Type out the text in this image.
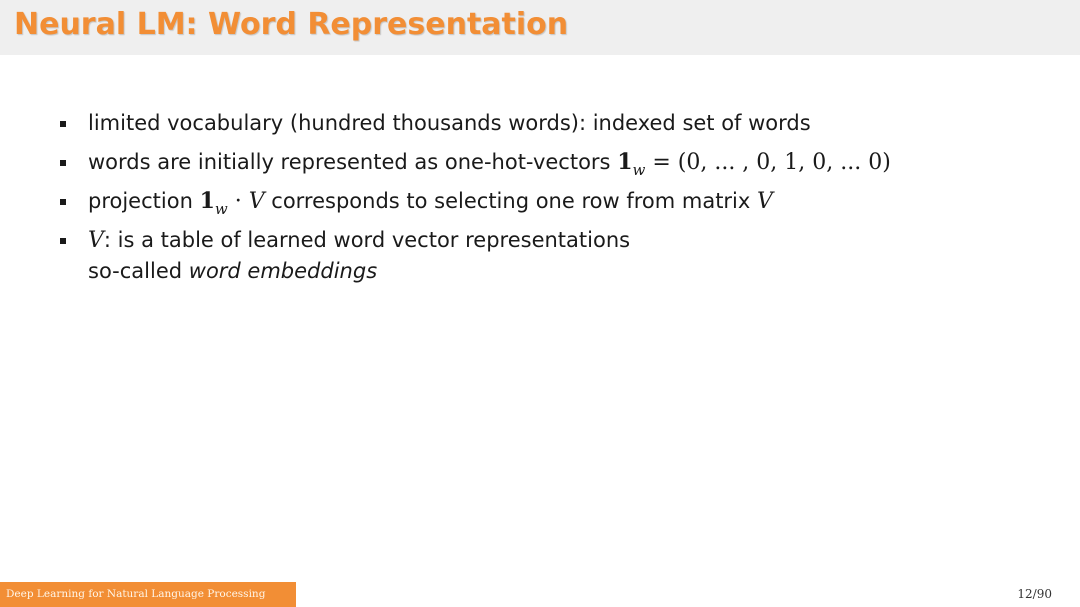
Neural LM: Word Representation
limited vocabulary (hundred thousands words): indexed set of words
words are initially represented as one-hot-vectors $1_w = (0$, ... , 0, 1, 0, ... 0)
projection $1_w \cdot V$ corresponds to selecting one row from matrix V
V: is a table of learned word vector representations
so-called word embeddings
Deep Learning for Natural Language Processing	12/90
